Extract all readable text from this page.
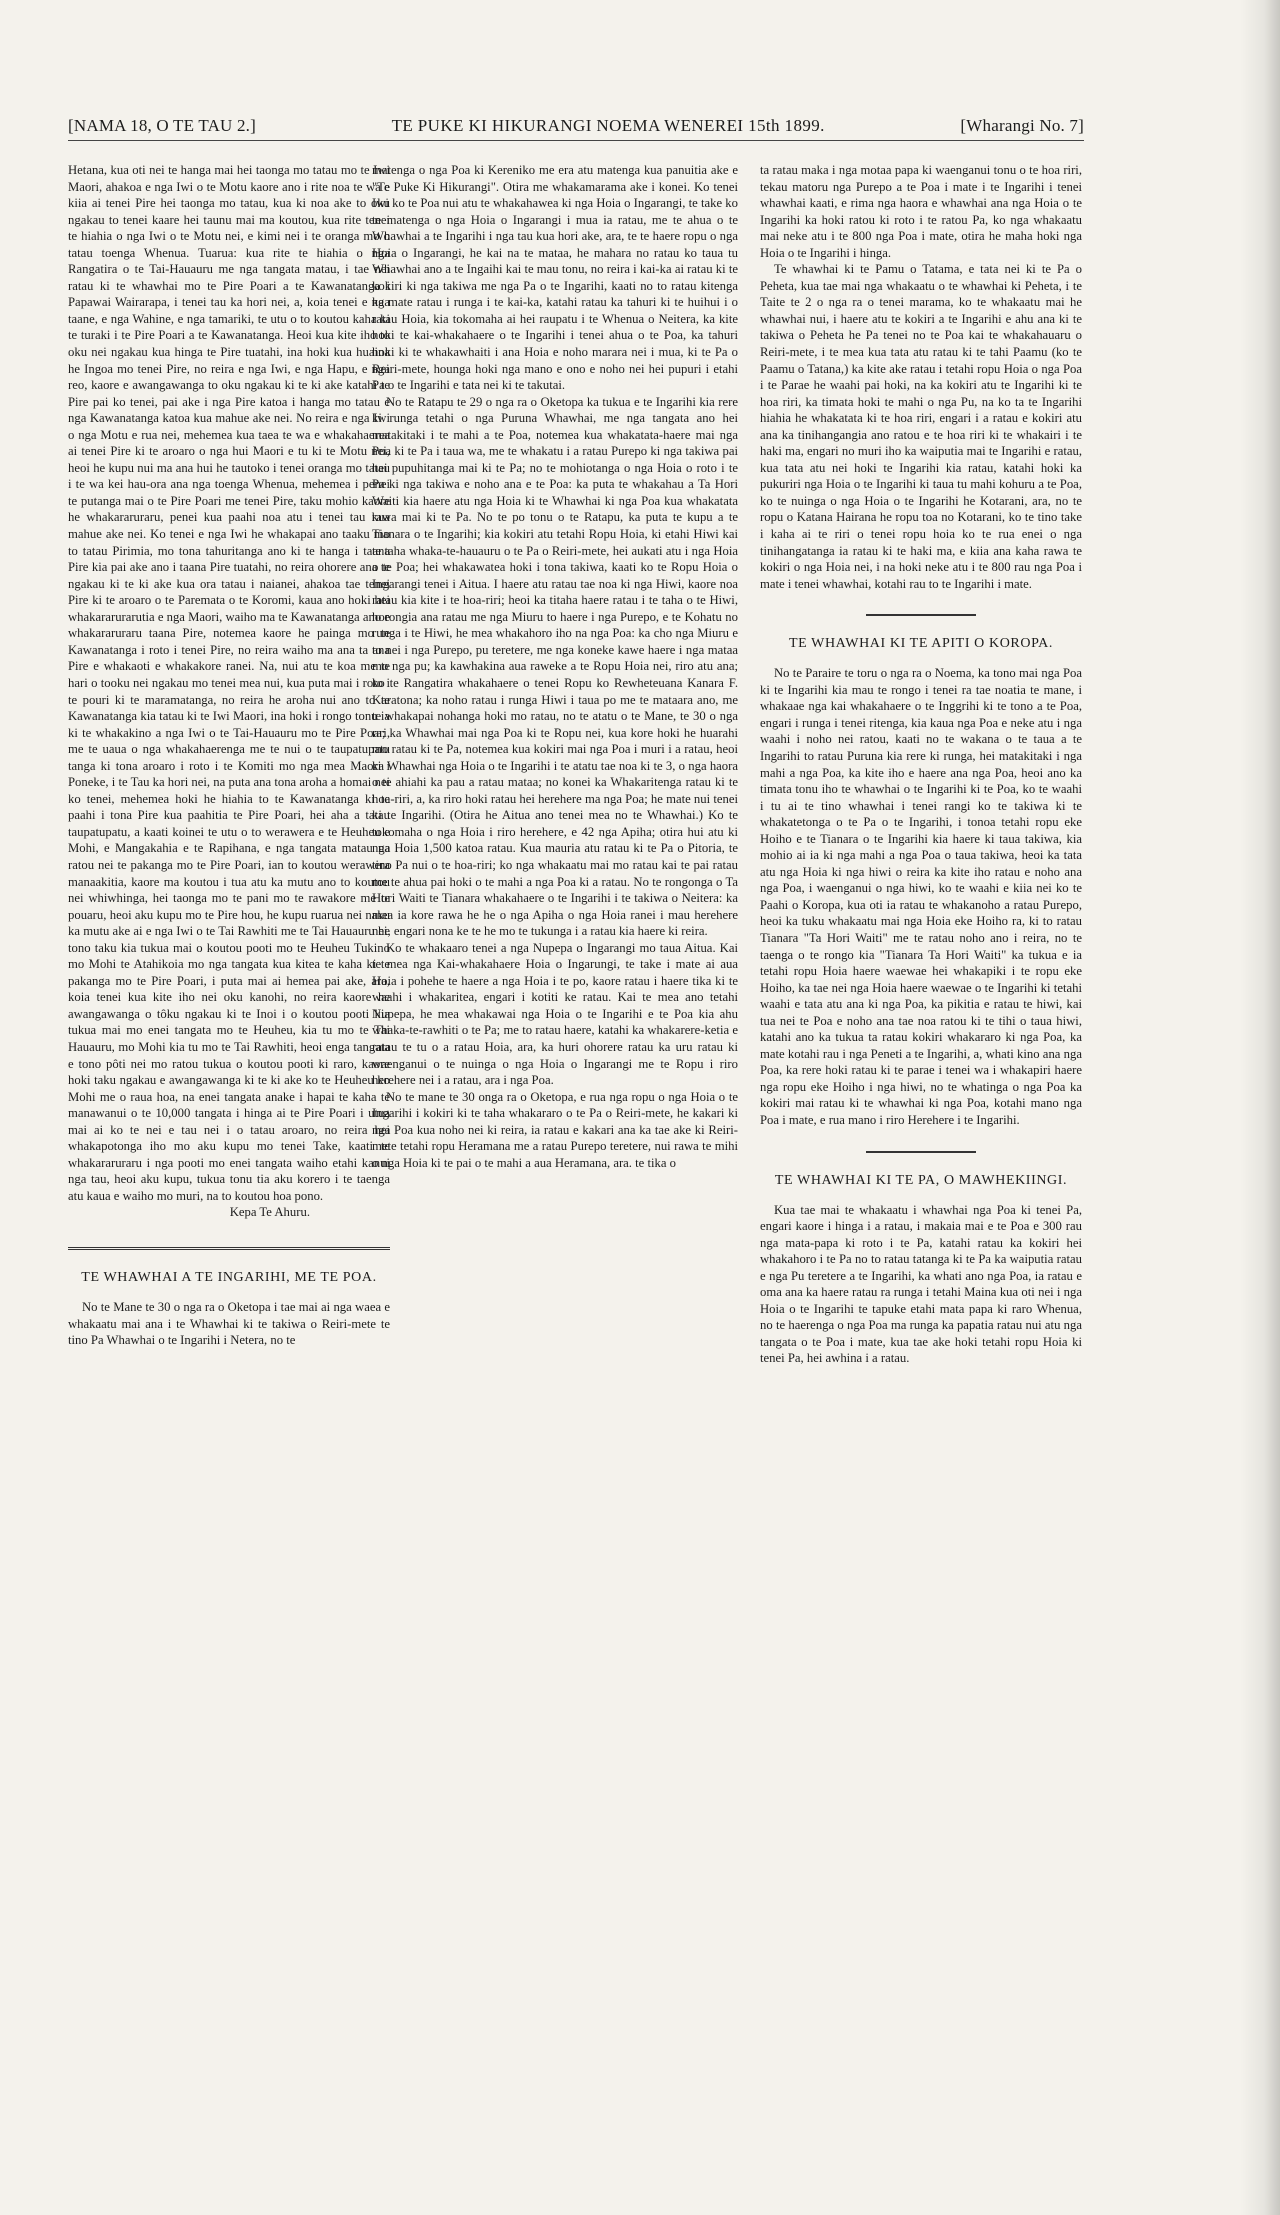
[NAMA 18, O TE TAU 2.]	TE PUKE KI HIKURANGI NOEMA WENEREI 15th 1899.	[Wharangi No. 7]

Hetana, kua oti nei te hanga mai hei taonga mo tatau mo te Iwi Maori, ahakoa e nga Iwi o te Motu kaore ano i rite noa te wa e kiia ai tenei Pire hei taonga mo tatau, kua ki noa ake to oku ngakau to tenei kaare hei taunu mai ma koutou, kua rite tenei te hiahia o nga Iwi o te Motu nei, e kimi nei i te oranga mo o tatau toenga Whenua. Tuarua: kua rite te hiahia o nga Rangatira o te Tai-Hauauru me nga tangata matau, i tae nei ratau ki te whawhai mo te Pire Poari a te Kawanatanga i Papawai Wairarapa, i tenei tau ka hori nei, a, koia tenei e nga taane, e nga Wahine, e nga tamariki, te utu o to koutou kaha ki te turaki i te Pire Poari a te Kawanatanga. Heoi kua kite iho to oku nei ngakau kua hinga te Pire tuatahi, ina hoki kua huaina he Ingoa mo tenei Pire, no reira e nga Iwi, e nga Hapu, e nga reo, kaore e awangawanga to oku ngakau ki te ki ake katahi te Pire pai ko tenei, pai ake i nga Pire katoa i hanga mo tatau e nga Kawanatanga katoa kua mahue ake nei. No reira e nga Iwi o nga Motu e rua nei, mehemea kua taea te wa e whakahaerea ai tenei Pire ki te aroaro o nga hui Maori e tu ki te Motu nei, heoi he kupu nui ma ana hui he tautoko i tenei oranga mo tatau i te wa kei hau-ora ana nga toenga Whenua, mehemea i penei te putanga mai o te Pire Poari me tenei Pire, taku mohio kaore he whakararuraru, penei kua paahi noa atu i tenei tau kua mahue ake nei. Ko tenei e nga Iwi he whakapai ano taaku mo to tatau Pirimia, mo tona tahuritanga ano ki te hanga i taana Pire kia pai ake ano i taana Pire tuatahi, no reira ohorere ana te ngakau ki te ki ake kua ora tatau i naianei, ahakoa tae tenei Pire ki te aroaro o te Paremata o te Koromi, kaua ano hoki hei whakararurarutia e nga Maori, waiho ma te Kawanatanga ano e whakararuraru taana Pire, notemea kaore he painga mo te Kawanatanga i roto i tenei Pire, no reira waiho ma ana ta ana Pire e whakaoti e whakakore ranei. Na, nui atu te koa me te hari o tooku nei ngakau mo tenei mea nui, kua puta mai i roto i te pouri ki te maramatanga, no reira he aroha nui ano to te Kawanatanga kia tatau ki te Iwi Maori, ina hoki i rongo tonu ia ki te whakakino a nga Iwi o te Tai-Hauauru mo te Pire Poari, me te uaua o nga whakahaerenga me te nui o te taupatupatu tanga ki tona aroaro i roto i te Komiti mo nga mea Maori i Poneke, i te Tau ka hori nei, na puta ana tona aroha a homai nei ko tenei, mehemea hoki he hiahia to te Kawanatanga ki te paahi i tona Pire kua paahitia te Pire Poari, hei aha a tatau taupatupatu, a kaati koinei te utu o to werawera e te Heuheu e Mohi, e Mangakahia e te Rapihana, e nga tangata matau na ratou nei te pakanga mo te Pire Poari, ian to koutou werawera manaakitia, kaore ma koutou i tua atu ka mutu ano to koutou nei whiwhinga, hei taonga mo te pani mo te rawakore me te pouaru, heoi aku kupu mo te Pire hou, he kupu ruarua nei naku ka mutu ake ai e nga Iwi o te Tai Rawhiti me te Tai Hauauru he tono taku kia tukua mai o koutou pooti mo te Heuheu Tukino mo Mohi te Atahikoia mo nga tangata kua kitea te kaha ki te pakanga mo te Pire Poari, i puta mai ai hemea pai ake, ara, koia tenei kua kite iho nei oku kanohi, no reira kaore he awangawanga o tôku ngakau ki te Inoi i o koutou pooti kia tukua mai mo enei tangata mo te Heuheu, kia tu mo te Tai Hauauru, mo Mohi kia tu mo te Tai Rawhiti, heoi enga tangata e tono pôti nei mo ratou tukua o koutou pooti ki raro, kaore hoki taku ngakau e awangawanga ki te ki ake ko te Heuheu ko Mohi me o raua hoa, na enei tangata anake i hapai te kaha te manawanui o te 10,000 tangata i hinga ai te Pire Poari i utua mai ai ko te nei e tau nei i o tatau aroaro, no reira hei whakapotonga iho mo aku kupu mo tenei Take, kaati te whakararuraru i nga pooti mo enei tangata waiho etahi kanui nga tau, heoi aku kupu, tukua tonu tia aku korero i te taenga atu kaua e waiho mo muri, na to koutou hoa pono.

Kepa Te Ahuru.

TE WHAWHAI A TE INGARIHI, ME TE POA.

No te Mane te 30 o nga ra o Oketopa i tae mai ai nga waea e whakaatu mai ana i te Whawhai ki te takiwa o Reiri-mete te tino Pa Whawhai o te Ingarihi i Netera, no te

matenga o nga Poa ki Kereniko me era atu matenga kua panuitia ake e "Te Puke Ki Hikurangi". Otira me whakamarama ake i konei. Ko tenei Iwi ko te Poa nui atu te whakahawea ki nga Hoia o Ingarangi, te take ko te matenga o nga Hoia o Ingarangi i mua ia ratau, me te ahua o te Whawhai a te Ingarihi i nga tau kua hori ake, ara, te te haere ropu o nga Hoia o Ingarangi, he kai na te mataa, he mahara no ratau ko taua tu Whawhai ano a te Ingaihi kai te mau tonu, no reira i kai-ka ai ratau ki te kokiri ki nga takiwa me nga Pa o te Ingarihi, kaati no to ratau kitenga ka mate ratau i runga i te kai-ka, katahi ratau ka tahuri ki te huihui i o ratau Hoia, kia tokomaha ai hei raupatu i te Whenua o Neitera, ka kite hoki te kai-whakahaere o te Ingarihi i tenei ahua o te Poa, ka tahuri hoki ki te whakawhaiti i ana Hoia e noho marara nei i mua, ki te Pa o Reiri-mete, hounga hoki nga mano e ono e noho nei hei pupuri i etahi Pa o te Ingarihi e tata nei ki te takutai.

No te Ratapu te 29 o nga ra o Oketopa ka tukua e te Ingarihi kia rere ki runga tetahi o nga Puruna Whawhai, me nga tangata ano hei matakitaki i te mahi a te Poa, notemea kua whakatata-haere mai nga Poa ki te Pa i taua wa, me te whakatu i a ratau Purepo ki nga takiwa pai hei pupuhitanga mai ki te Pa; no te mohiotanga o nga Hoia o roto i te Pa ki nga takiwa e noho ana e te Poa: ka puta te whakahau a Ta Hori Waiti kia haere atu nga Hoia ki te Whawhai ki nga Poa kua whakatata rawa mai ki te Pa. No te po tonu o te Ratapu, ka puta te kupu a te Tianara o te Ingarihi; kia kokiri atu tetahi Ropu Hoia, ki etahi Hiwi kai te taha whaka-te-hauauru o te Pa o Reiri-mete, hei aukati atu i nga Hoia o te Poa; hei whakawatea hoki i tona takiwa, kaati ko te Ropu Hoia o Ingarangi tenei i Aitua. I haere atu ratau tae noa ki nga Hiwi, kaore noa ratau kia kite i te hoa-riri; heoi ka titaha haere ratau i te taha o te Hiwi, horongia ana ratau me nga Miuru to haere i nga Purepo, e te Kohatu no runga i te Hiwi, he mea whakahoro iho na nga Poa: ka cho nga Miuru e to nei i nga Purepo, pu teretere, me nga koneke kawe haere i nga mataa mo nga pu; ka kawhakina aua raweke a te Ropu Hoia nei, riro atu ana; ko te Rangatira whakahaere o tenei Ropu ko Rewheteuana Kanara F. Karatona; ka noho ratau i runga Hiwi i taua po me te mataara ano, me te whakapai nohanga hoki mo ratau, no te atatu o te Mane, te 30 o nga ra; ka Whawhai mai nga Poa ki te Ropu nei, kua kore hoki he huarahi mo ratau ki te Pa, notemea kua kokiri mai nga Poa i muri i a ratau, heoi ka Whawhai nga Hoia o te Ingarihi i te atatu tae noa ki te 3, o nga haora o te ahiahi ka pau a ratau mataa; no konei ka Whakaritenga ratau ki te hoa-riri, a, ka riro hoki ratau hei herehere ma nga Poa; he mate nui tenei ki te Ingarihi. (Otira he Aitua ano tenei mea no te Whawhai.) Ko te tokomaha o nga Hoia i riro herehere, e 42 nga Apiha; otira hui atu ki nga Hoia 1,500 katoa ratau. Kua mauria atu ratau ki te Pa o Pitoria, te tino Pa nui o te hoa-riri; ko nga whakaatu mai mo ratau kai te pai ratau me te ahua pai hoki o te mahi a nga Poa ki a ratau. No te rongonga o Ta Hori Waiti te Tianara whakahaere o te Ingarihi i te takiwa o Neitera: ka mea ia kore rawa he he o nga Apiha o nga Hoia ranei i mau herehere nei, engari nona ke te he mo te tukunga i a ratau kia haere ki reira.

Ko te whakaaro tenei a nga Nupepa o Ingarangi mo taua Aitua. Kai te mea nga Kai-whakahaere Hoia o Ingarungi, te take i mate ai aua Hoia i pohehe te haere a nga Hoia i te po, kaore ratau i haere tika ki te waahi i whakaritea, engari i kotiti ke ratau. Kai te mea ano tetahi Nupepa, he mea whakawai nga Hoia o te Ingarihi e te Poa kia ahu whaka-te-rawhiti o te Pa; me to ratau haere, katahi ka whakarere-ketia e ratau te tu o a ratau Hoia, ara, ka huri ohorere ratau ka uru ratau ki waenganui o te nuinga o nga Hoia o Ingarangi me te Ropu i riro herehere nei i a ratau, ara i nga Poa.

No te mane te 30 onga ra o Oketopa, e rua nga ropu o nga Hoia o te Ingarihi i kokiri ki te taha whakararo o te Pa o Reiri-mete, he kakari ki nga Poa kua noho nei ki reira, ia ratau e kakari ana ka tae ake ki Reiri-mete tetahi ropu Heramana me a ratau Purepo teretere, nui rawa te mihi o nga Hoia ki te pai o te mahi a aua Heramana, ara. te tika o

ta ratau maka i nga motaa papa ki waenganui tonu o te hoa riri, tekau matoru nga Purepo a te Poa i mate i te Ingarihi i tenei whawhai kaati, e rima nga haora e whawhai ana nga Hoia o te Ingarihi ka hoki ratou ki roto i te ratou Pa, ko nga whakaatu mai neke atu i te 800 nga Poa i mate, otira he maha hoki nga Hoia o te Ingarihi i hinga.

Te whawhai ki te Pamu o Tatama, e tata nei ki te Pa o Peheta, kua tae mai nga whakaatu o te whawhai ki Peheta, i te Taite te 2 o nga ra o tenei marama, ko te whakaatu mai he whawhai nui, i haere atu te kokiri a te Ingarihi e ahu ana ki te takiwa o Peheta he Pa tenei no te Poa kai te whakahauaru o Reiri-mete, i te mea kua tata atu ratau ki te tahi Paamu (ko te Paamu o Tatana,) ka kite ake ratau i tetahi ropu Hoia o nga Poa i te Parae he waahi pai hoki, na ka kokiri atu te Ingarihi ki te hoa riri, ka timata hoki te mahi o nga Pu, na ko ta te Ingarihi hiahia he whakatata ki te hoa riri, engari i a ratau e kokiri atu ana ka tinihangangia ano ratou e te hoa riri ki te whakairi i te haki ma, engari no muri iho ka waiputia mai te Ingarihi e ratau, kua tata atu nei hoki te Ingarihi kia ratau, katahi hoki ka pukuriri nga Hoia o te Ingarihi ki taua tu mahi kohuru a te Poa, ko te nuinga o nga Hoia o te Ingarihi he Kotarani, ara, no te ropu o Katana Hairana he ropu toa no Kotarani, ko te tino take i kaha ai te riri o tenei ropu hoia ko te rua enei o nga tinihangatanga ia ratau ki te haki ma, e kiia ana kaha rawa te kokiri o nga Hoia nei, i na hoki neke atu i te 800 rau nga Poa i mate i tenei whawhai, kotahi rau to te Ingarihi i mate.

TE WHAWHAI KI TE APITI O KOROPA.

No te Paraire te toru o nga ra o Noema, ka tono mai nga Poa ki te Ingarihi kia mau te rongo i tenei ra tae noatia te mane, i whakaae nga kai whakahaere o te Inggrihi ki te tono a te Poa, engari i runga i tenei ritenga, kia kaua nga Poa e neke atu i nga waahi i noho nei ratou, kaati no te wakana o te taua a te Ingarihi to ratau Puruna kia rere ki runga, hei matakitaki i nga mahi a nga Poa, ka kite iho e haere ana nga Poa, heoi ano ka timata tonu iho te whawhai o te Ingarihi ki te Poa, ko te waahi i tu ai te tino whawhai i tenei rangi ko te takiwa ki te whakatetonga o te Pa o te Ingarihi, i tonoa tetahi ropu eke Hoiho e te Tianara o te Ingarihi kia haere ki taua takiwa, kia mohio ai ia ki nga mahi a nga Poa o taua takiwa, heoi ka tata atu nga Hoia ki nga hiwi o reira ka kite iho ratau e noho ana nga Poa, i waenganui o nga hiwi, ko te waahi e kiia nei ko te Paahi o Koropa, kua oti ia ratau te whakanoho a ratau Purepo, heoi ka tuku whakaatu mai nga Hoia eke Hoiho ra, ki to ratau Tianara "Ta Hori Waiti" me te ratau noho ano i reira, no te taenga o te rongo kia "Tianara Ta Hori Waiti" ka tukua e ia tetahi ropu Hoia haere waewae hei whakapiki i te ropu eke Hoiho, ka tae nei nga Hoia haere waewae o te Ingarihi ki tetahi waahi e tata atu ana ki nga Poa, ka pikitia e ratau te hiwi, kai tua nei te Poa e noho ana tae noa ratou ki te tihi o taua hiwi, katahi ano ka tukua ta ratau kokiri whakararo ki nga Poa, ka mate kotahi rau i nga Peneti a te Ingarihi, a, whati kino ana nga Poa, ka rere hoki ratau ki te parae i tenei wa i whakapiri haere nga ropu eke Hoiho i nga hiwi, no te whatinga o nga Poa ka kokiri mai ratau ki te whawhai ki nga Poa, kotahi mano nga Poa i mate, e rua mano i riro Herehere i te Ingarihi.

TE WHAWHAI KI TE PA, O MAWHEKIINGI.

Kua tae mai te whakaatu i whawhai nga Poa ki tenei Pa, engari kaore i hinga i a ratau, i makaia mai e te Poa e 300 rau nga mata-papa ki roto i te Pa, katahi ratau ka kokiri hei whakahoro i te Pa no to ratau tatanga ki te Pa ka waiputia ratau e nga Pu teretere a te Ingarihi, ka whati ano nga Poa, ia ratau e oma ana ka haere ratau ra runga i tetahi Maina kua oti nei i nga Hoia o te Ingarihi te tapuke etahi mata papa ki raro Whenua, no te haerenga o nga Poa ma runga ka papatia ratau nui atu nga tangata o te Poa i mate, kua tae ake hoki tetahi ropu Hoia ki tenei Pa, hei awhina i a ratau.
